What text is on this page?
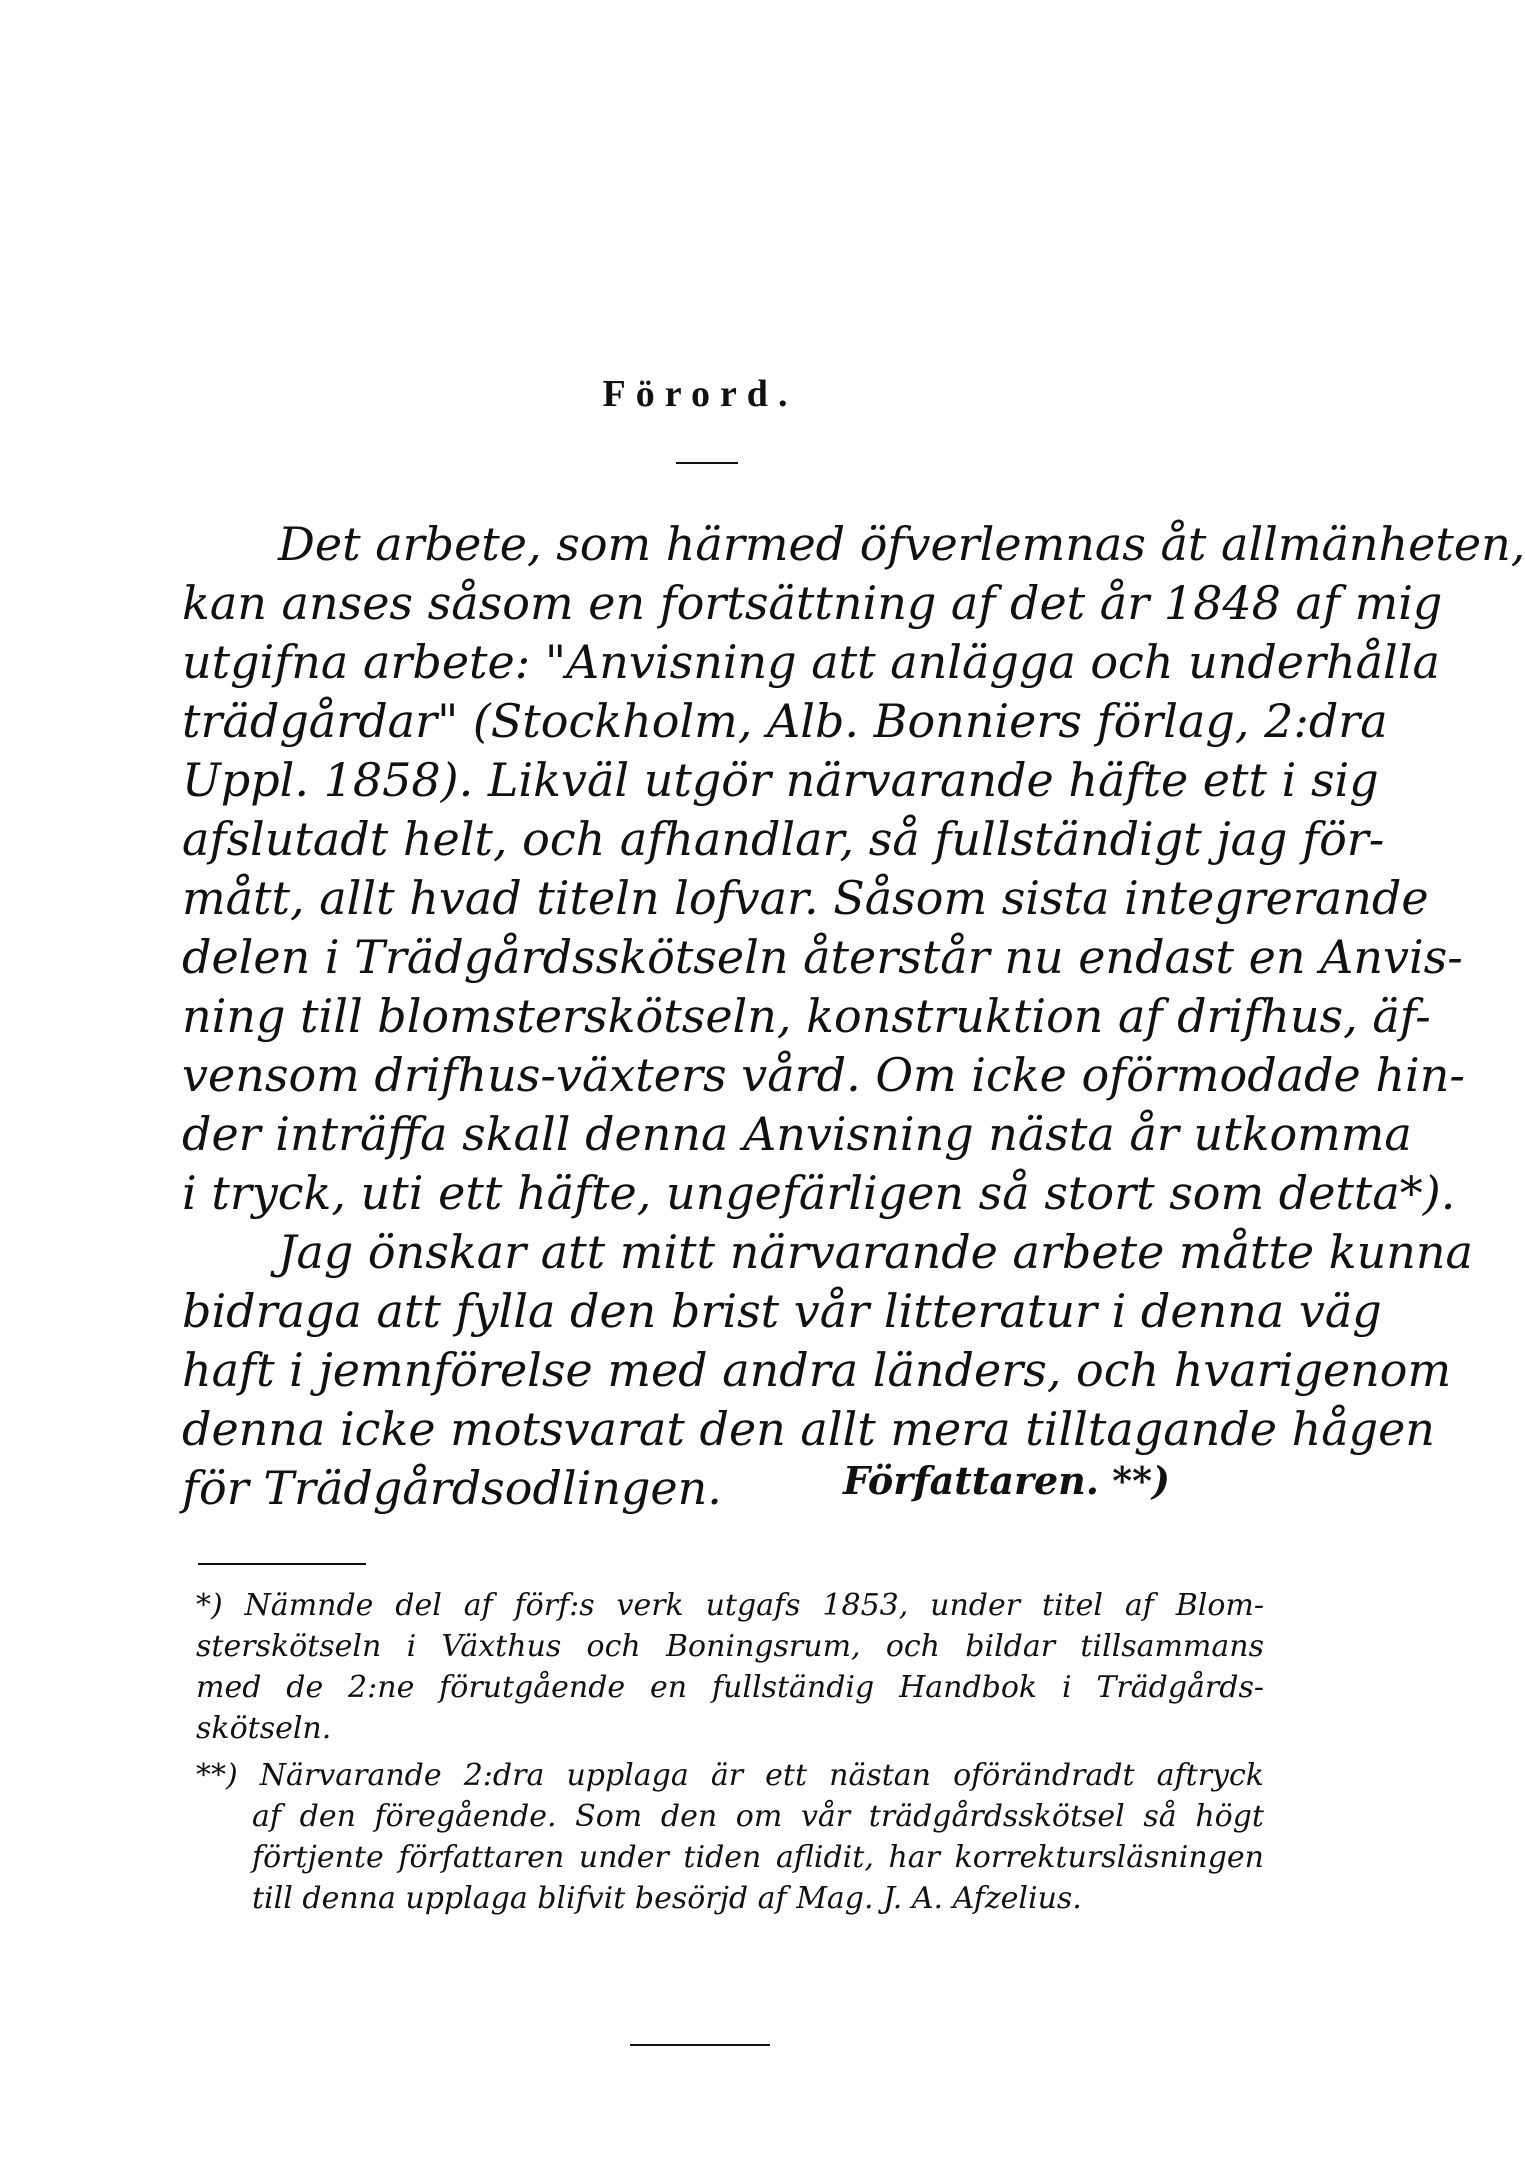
Förord.
Det arbete, som härmed öfverlemnas åt allmänheten,
kan anses såsom en fortsättning af det år 1848 af mig
utgifna arbete: "Anvisning att anlägga och underhålla
trädgårdar" (Stockholm, Alb. Bonniers förlag, 2:dra
Uppl. 1858). Likväl utgör närvarande häfte ett i sig
afslutadt helt, och afhandlar, så fullständigt jag för-
mått, allt hvad titeln lofvar. Såsom sista integrerande
delen i Trädgårdsskötseln återstår nu endast en Anvis-
ning till blomsterskötseln, konstruktion af drifhus, äf-
vensom drifhus-växters vård. Om icke oförmodade hin-
der inträffa skall denna Anvisning nästa år utkomma
i tryck, uti ett häfte, ungefärligen så stort som detta*).
Jag önskar att mitt närvarande arbete måtte kunna
bidraga att fylla den brist vår litteratur i denna väg
haft i jemnförelse med andra länders, och hvarigenom
denna icke motsvarat den allt mera tilltagande hågen
för Trädgårdsodlingen.	Författaren. **)
*) Nämnde del af förf:s verk utgafs 1853, under titel af Blom-
sterskötseln i Växthus och Boningsrum, och bildar tillsammans
med de 2:ne förutgående en fullständig Handbok i Trädgårds-
skötseln.
**) Närvarande 2:dra upplaga är ett nästan oförändradt aftryck
af den föregående. Som den om vår trädgårdsskötsel så högt
förtjente författaren under tiden aflidit, har korrektursläsningen
till denna upplaga blifvit besörjd af Mag. J. A. Afzelius.
